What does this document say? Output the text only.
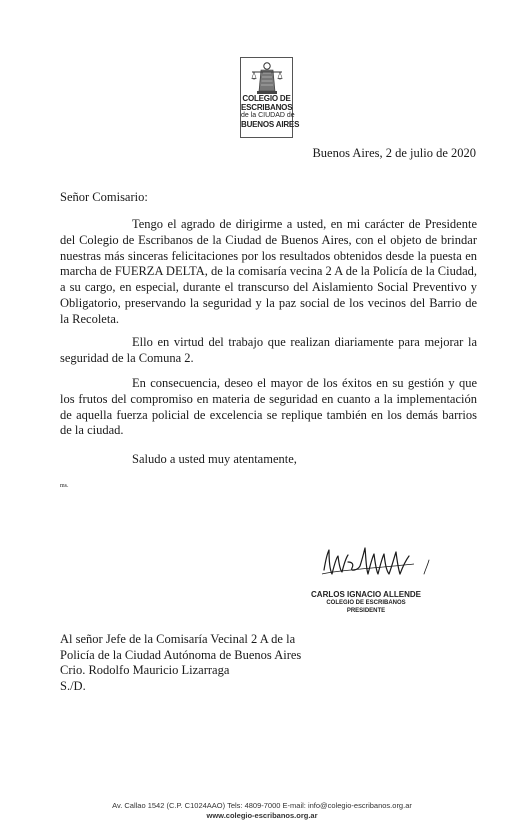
COLEGIO DE
ESCRIBANOS
de la CIUDAD de
BUENOS AIRES
Buenos Aires, 2 de julio de 2020
Señor Comisario:

Tengo el agrado de dirigirme a usted, en mi carácter de Presidente del Colegio de Escribanos de la Ciudad de Buenos Aires, con el objeto de brindar nuestras más sinceras felicitaciones por los resultados obtenidos desde la puesta en marcha de FUERZA DELTA, de la comisaría vecina 2 A de la Policía de la Ciudad, a su cargo, en especial, durante el transcurso del Aislamiento Social Preventivo y Obligatorio, preservando la seguridad y la paz social de los vecinos del Barrio de la Recoleta.

Ello en virtud del trabajo que realizan diariamente para mejorar la seguridad de la Comuna 2.

En consecuencia, deseo el mayor de los éxitos en su gestión y que los frutos del compromiso en materia de seguridad en cuanto a la implementación de aquella fuerza policial de excelencia se replique también en los demás barrios de la ciudad.

Saludo a usted muy atentamente,
ms.
CARLOS IGNACIO ALLENDE
COLEGIO DE ESCRIBANOS
PRESIDENTE
Al señor Jefe de la Comisaría Vecinal 2 A de la
Policía de la Ciudad Autónoma de Buenos Aires
Crio. Rodolfo Mauricio Lizarraga
S./D.
Av. Callao 1542 (C.P. C1024AAO) Tels: 4809-7000 E-mail: info@colegio-escribanos.org.ar
www.colegio-escribanos.org.ar
